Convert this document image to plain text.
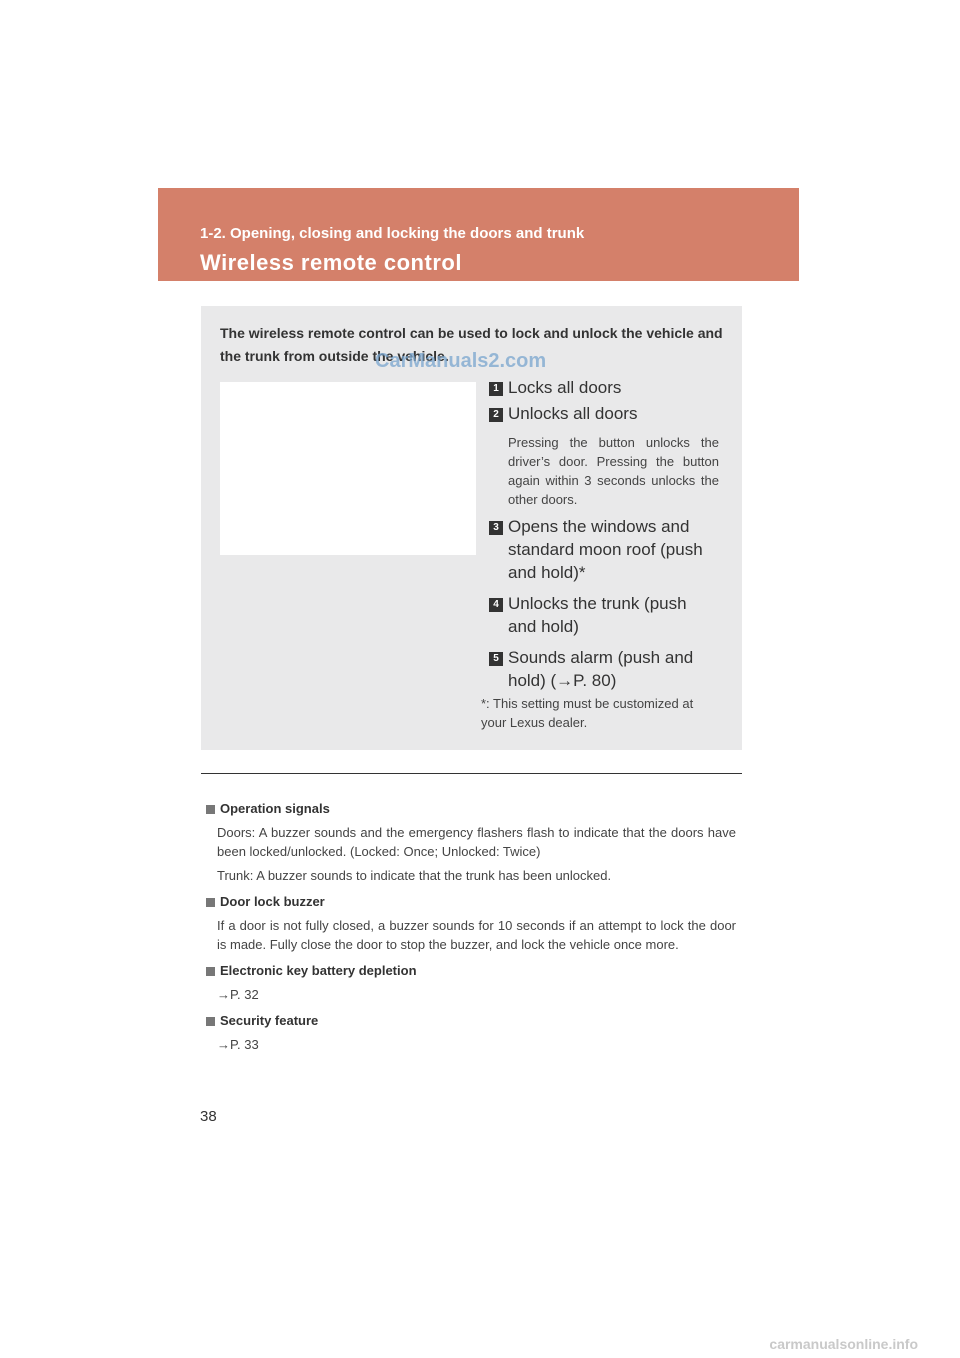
1-2. Opening, closing and locking the doors and trunk
Wireless remote control
The wireless remote control can be used to lock and unlock the vehicle and the trunk from outside the vehicle.
CarManuals2.com
1 Locks all doors
2 Unlocks all doors
Pressing the button unlocks the driver’s door. Pressing the button again within 3 seconds unlocks the other doors.
3 Opens the windows and standard moon roof (push and hold)*
4 Unlocks the trunk (push and hold)
5 Sounds alarm (push and hold) (→P. 80)
*: This setting must be customized at your Lexus dealer.
Operation signals
Doors: A buzzer sounds and the emergency flashers flash to indicate that the doors have been locked/unlocked. (Locked: Once; Unlocked: Twice)
Trunk: A buzzer sounds to indicate that the trunk has been unlocked.
Door lock buzzer
If a door is not fully closed, a buzzer sounds for 10 seconds if an attempt to lock the door is made. Fully close the door to stop the buzzer, and lock the vehicle once more.
Electronic key battery depletion
→P. 32
Security feature
→P. 33
38
carmanualsonline.info
